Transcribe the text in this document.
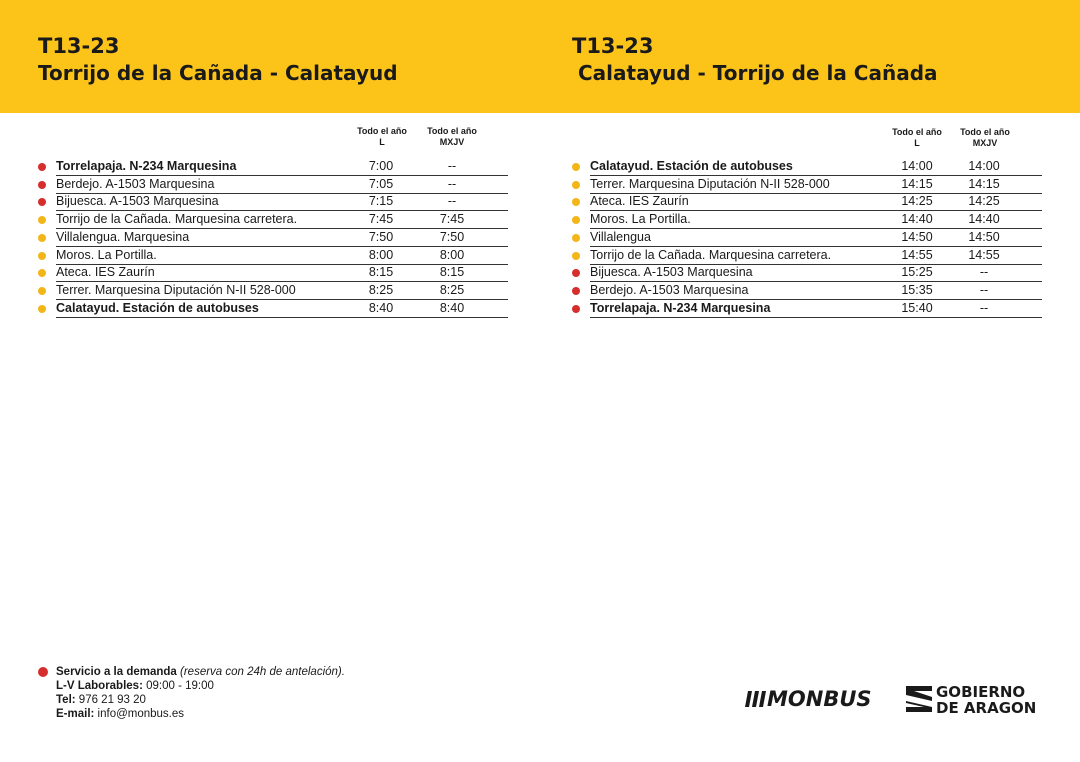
T13-23
Torrijo de la Cañada - Calatayud
T13-23
Calatayud - Torrijo de la Cañada
Todo el año
L
Todo el año
MXJV
Torrelapaja. N-234 Marquesina	7:00	--
Berdejo. A-1503 Marquesina	7:05	--
Bijuesca. A-1503 Marquesina	7:15	--
Torrijo de la Cañada. Marquesina carretera.	7:45	7:45
Villalengua. Marquesina	7:50	7:50
Moros. La Portilla.	8:00	8:00
Ateca. IES Zaurín	8:15	8:15
Terrer. Marquesina Diputación N-II 528-000	8:25	8:25
Calatayud. Estación de autobuses	8:40	8:40
Todo el año
L
Todo el año
MXJV
Calatayud. Estación de autobuses	14:00	14:00
Terrer. Marquesina Diputación N-II 528-000	14:15	14:15
Ateca. IES Zaurín	14:25	14:25
Moros. La Portilla.	14:40	14:40
Villalengua	14:50	14:50
Torrijo de la Cañada. Marquesina carretera.	14:55	14:55
Bijuesca. A-1503 Marquesina	15:25	--
Berdejo. A-1503 Marquesina	15:35	--
Torrelapaja. N-234 Marquesina	15:40	--
Servicio a la demanda (reserva con 24h de antelación).
L-V Laborables: 09:00 - 19:00
Tel: 976 21 93 20
E-mail: info@monbus.es
MONBUS	GOBIERNO
DE ARAGON
